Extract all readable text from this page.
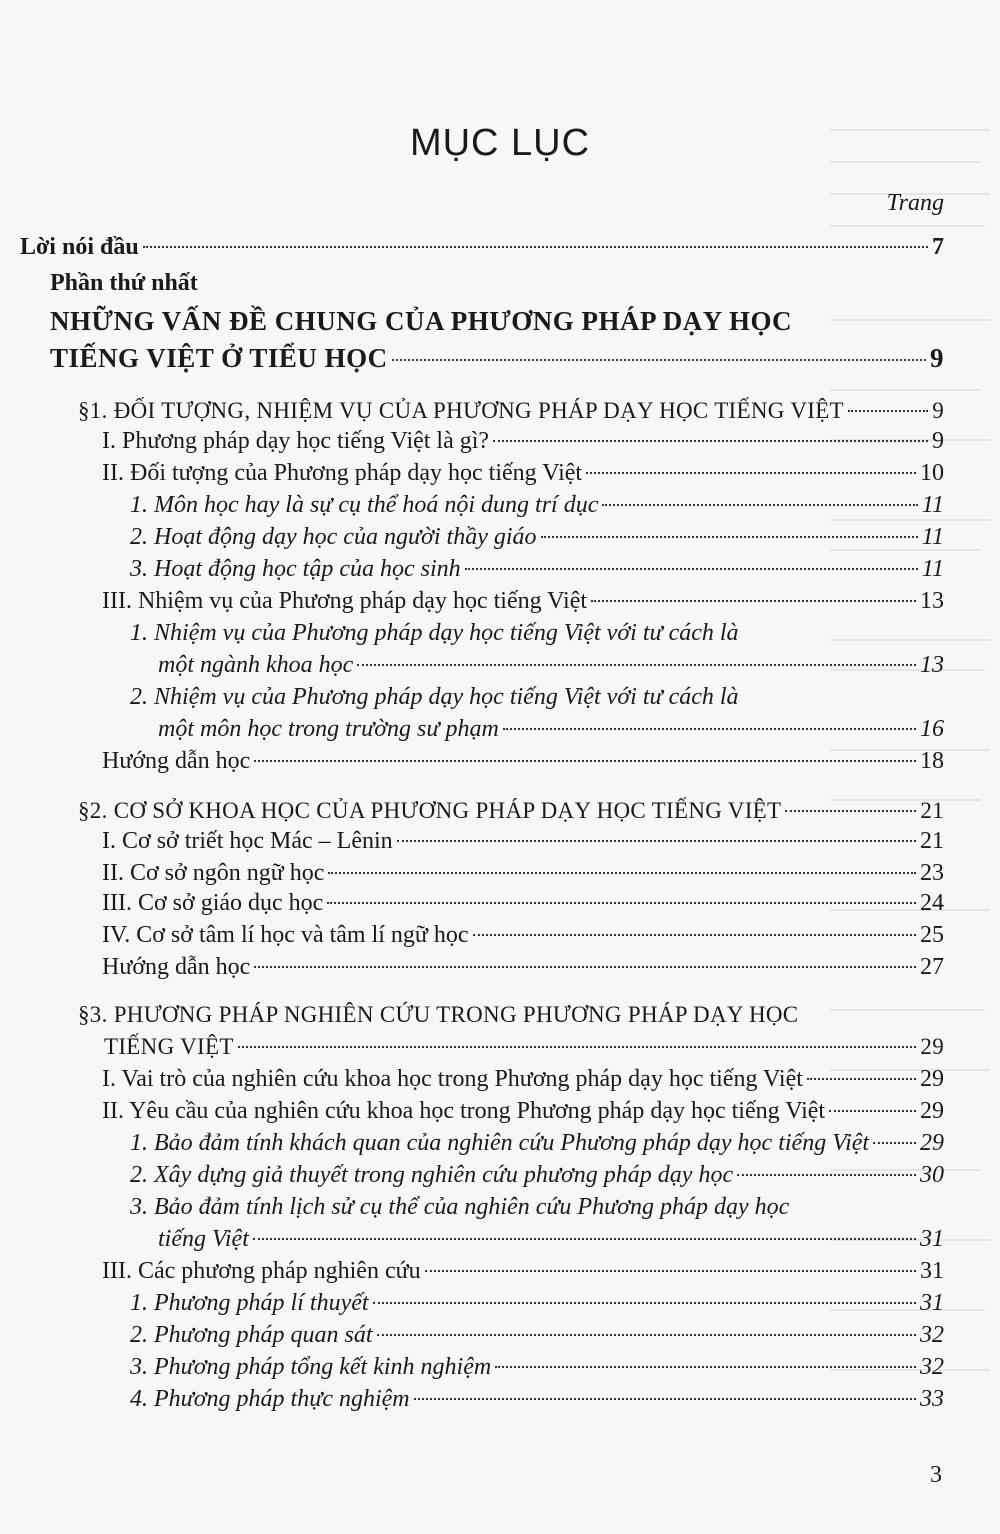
MỤC LỤC
Trang
Lời nói đầu	7
Phần thứ nhất
NHỮNG VẤN ĐỀ CHUNG CỦA PHƯƠNG PHÁP DẠY HỌC
TIẾNG VIỆT Ở TIỂU HỌC	9
§1. ĐỐI TƯỢNG, NHIỆM VỤ CỦA PHƯƠNG PHÁP DẠY HỌC TIẾNG VIỆT	9
I. Phương pháp dạy học tiếng Việt là gì?	9
II. Đối tượng của Phương pháp dạy học tiếng Việt	10
1. Môn học hay là sự cụ thể hoá nội dung trí dục	11
2. Hoạt động dạy học của người thầy giáo	11
3. Hoạt động học tập của học sinh	11
III. Nhiệm vụ của Phương pháp dạy học tiếng Việt	13
1. Nhiệm vụ của Phương pháp dạy học tiếng Việt với tư cách là
một ngành khoa học	13
2. Nhiệm vụ của Phương pháp dạy học tiếng Việt với tư cách là
một môn học trong trường sư phạm	16
Hướng dẫn học	18
§2. CƠ SỞ KHOA HỌC CỦA PHƯƠNG PHÁP DẠY HỌC TIẾNG VIỆT	21
I. Cơ sở triết học Mác – Lênin	21
II. Cơ sở ngôn ngữ học	23
III. Cơ sở giáo dục học	24
IV. Cơ sở tâm lí học và tâm lí ngữ học	25
Hướng dẫn học	27
§3. PHƯƠNG PHÁP NGHIÊN CỨU TRONG PHƯƠNG PHÁP DẠY HỌC
TIẾNG VIỆT	29
I. Vai trò của nghiên cứu khoa học trong Phương pháp dạy học tiếng Việt	29
II. Yêu cầu của nghiên cứu khoa học trong Phương pháp dạy học tiếng Việt	29
1. Bảo đảm tính khách quan của nghiên cứu Phương pháp dạy học tiếng Việt 29
2. Xây dựng giả thuyết trong nghiên cứu phương pháp dạy học	30
3. Bảo đảm tính lịch sử cụ thể của nghiên cứu Phương pháp dạy học
tiếng Việt	31
III. Các phương pháp nghiên cứu	31
1. Phương pháp lí thuyết	31
2. Phương pháp quan sát	32
3. Phương pháp tổng kết kinh nghiệm	32
4. Phương pháp thực nghiệm	33
3
